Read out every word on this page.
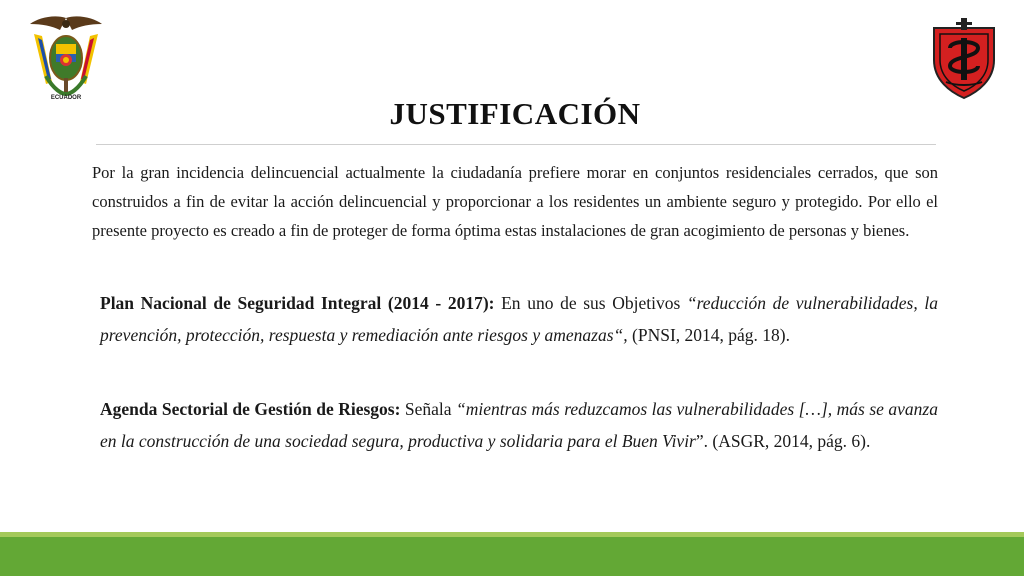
ECUADOR	JUSTIFICACIÓN

Por la gran incidencia delincuencial actualmente la ciudadanía prefiere morar en conjuntos residenciales cerrados, que son construidos a fin de evitar la acción delincuencial y proporcionar a los residentes un ambiente seguro y protegido. Por ello el presente proyecto es creado a fin de proteger de forma óptima estas instalaciones de gran acogimiento de personas y bienes.

Plan Nacional de Seguridad Integral (2014 - 2017): En uno de sus Objetivos “reducción de vulnerabilidades, la prevención, protección, respuesta y remediación ante riesgos y amenazas“, (PNSI, 2014, pág. 18).

Agenda Sectorial de Gestión de Riesgos: Señala “mientras más reduzcamos las vulnerabilidades […], más se avanza en la construcción de una sociedad segura, productiva y solidaria para el Buen Vivir”. (ASGR, 2014, pág. 6).
